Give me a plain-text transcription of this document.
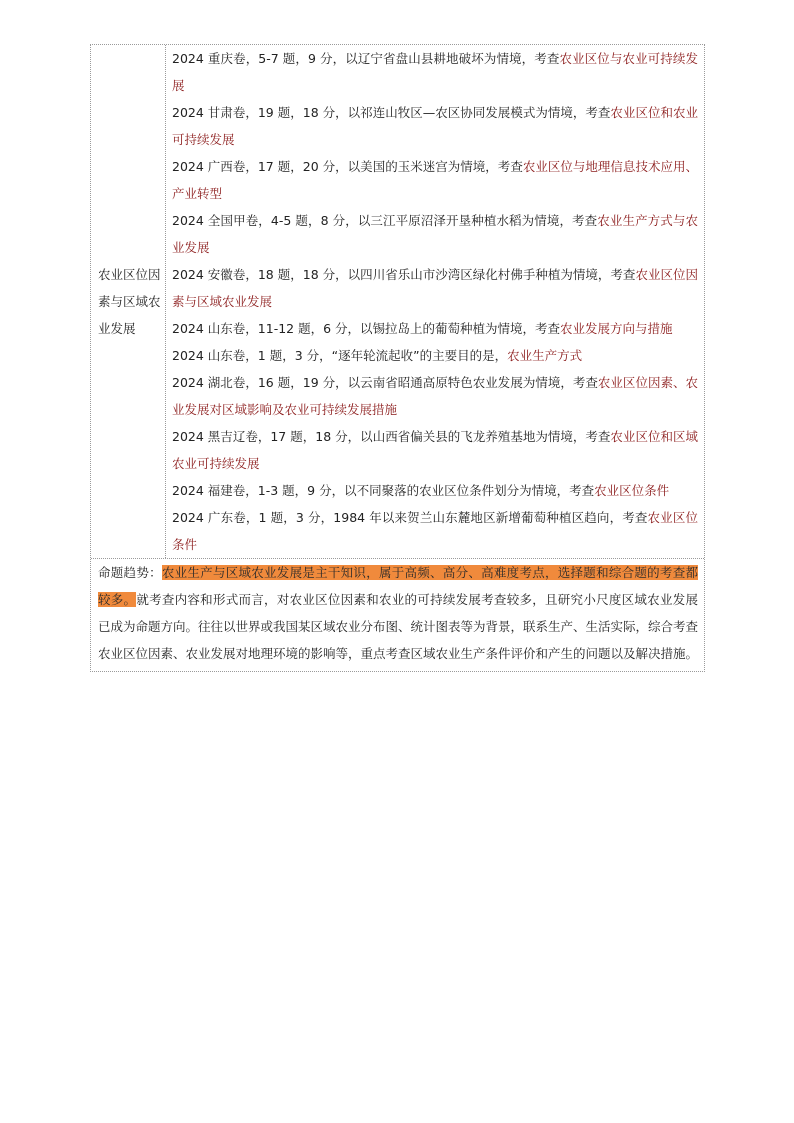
农业区位因素与区域农业发展
2024 重庆卷，5-7 题，9 分，以辽宁省盘山县耕地破坏为情境，考查农业区位与农业可持续发展
2024 甘肃卷，19 题，18 分，以祁连山牧区—农区协同发展模式为情境，考查农业区位和农业可持续发展
2024 广西卷，17 题，20 分，以美国的玉米迷宫为情境，考查农业区位与地理信息技术应用、产业转型
2024 全国甲卷，4-5 题，8 分，以三江平原沼泽开垦种植水稻为情境，考查农业生产方式与农业发展
2024 安徽卷，18 题，18 分，以四川省乐山市沙湾区绿化村佛手种植为情境，考查农业区位因素与区域农业发展
2024 山东卷，11-12 题，6 分，以锡拉岛上的葡萄种植为情境，考查农业发展方向与措施
2024 山东卷，1 题，3 分，“逐年轮流起收”的主要目的是，农业生产方式
2024 湖北卷，16 题，19 分，以云南省昭通高原特色农业发展为情境，考查农业区位因素、农业发展对区域影响及农业可持续发展措施
2024 黑吉辽卷，17 题，18 分，以山西省偏关县的飞龙养殖基地为情境，考查农业区位和区域农业可持续发展
2024 福建卷，1-3 题，9 分，以不同聚落的农业区位条件划分为情境，考查农业区位条件
2024 广东卷，1 题，3 分，1984 年以来贺兰山东麓地区新增葡萄种植区趋向，考查农业区位条件
命题趋势：农业生产与区域农业发展是主干知识，属于高频、高分、高难度考点，选择题和综合题的考查都较多。就考查内容和形式而言，对农业区位因素和农业的可持续发展考查较多，且研究小尺度区域农业发展已成为命题方向。往往以世界或我国某区域农业分布图、统计图表等为背景，联系生产、生活实际，综合考查农业区位因素、农业发展对地理环境的影响等，重点考查区域农业生产条件评价和产生的问题以及解决措施。
